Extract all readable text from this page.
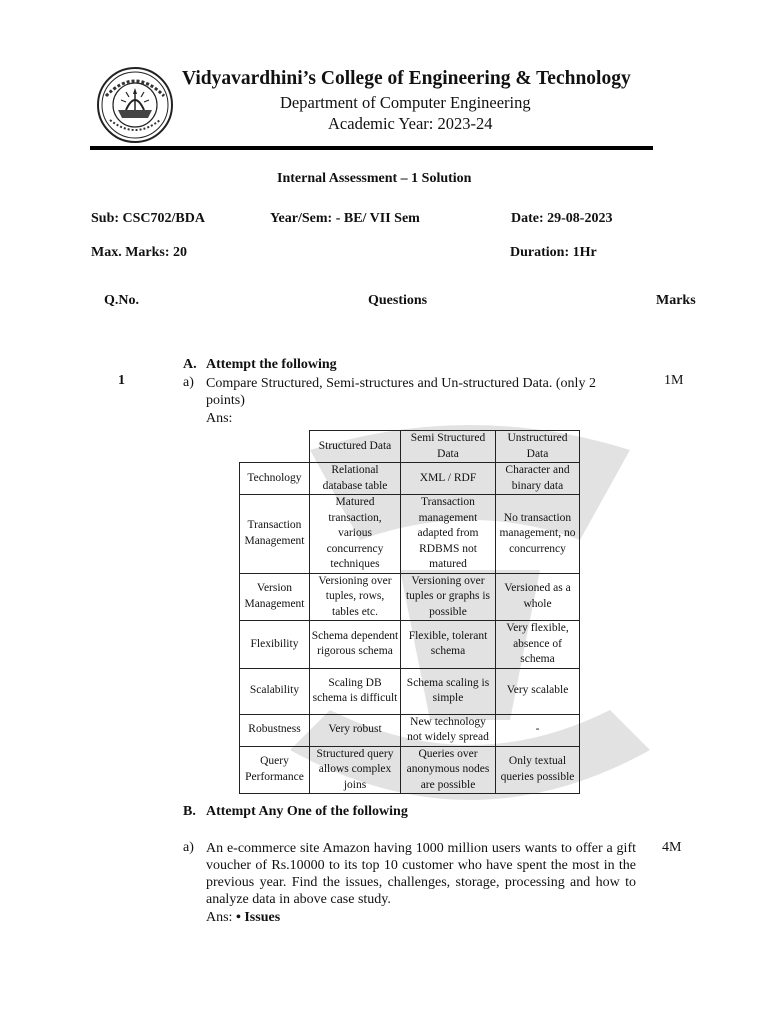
Vidyavardhini’s College of Engineering & Technology
Department of Computer Engineering
Academic Year: 2023-24
Internal Assessment – 1 Solution
Sub: CSC702/BDA	Year/Sem: - BE/ VII Sem	Date: 29-08-2023
Max. Marks: 20	Duration: 1Hr
Q.No.	Questions	Marks
A. Attempt the following
1	a) Compare Structured, Semi-structures and Un-structured Data. (only 2 points)
1M
Ans:
	Structured Data	Semi Structured Data	Unstructured Data
Technology	Relational database table	XML / RDF	Character and binary data
Transaction Management	Matured transaction, various concurrency techniques	Transaction management adapted from RDBMS not matured	No transaction management, no concurrency
Version Management	Versioning over tuples, rows, tables etc.	Versioning over tuples or graphs is possible	Versioned as a whole
Flexibility	Schema dependent rigorous schema	Flexible, tolerant schema	Very flexible, absence of schema
Scalability	Scaling DB schema is difficult	Schema scaling is simple	Very scalable
Robustness	Very robust	New technology not widely spread	-
Query Performance	Structured query allows complex joins	Queries over anonymous nodes are possible	Only textual queries possible
B. Attempt Any One of the following
a) An e-commerce site Amazon having 1000 million users wants to offer a gift voucher of Rs.10000 to its top 10 customer who have spent the most in the previous year. Find the issues, challenges, storage, processing and how to analyze data in above case study.
4M
Ans: • Issues
